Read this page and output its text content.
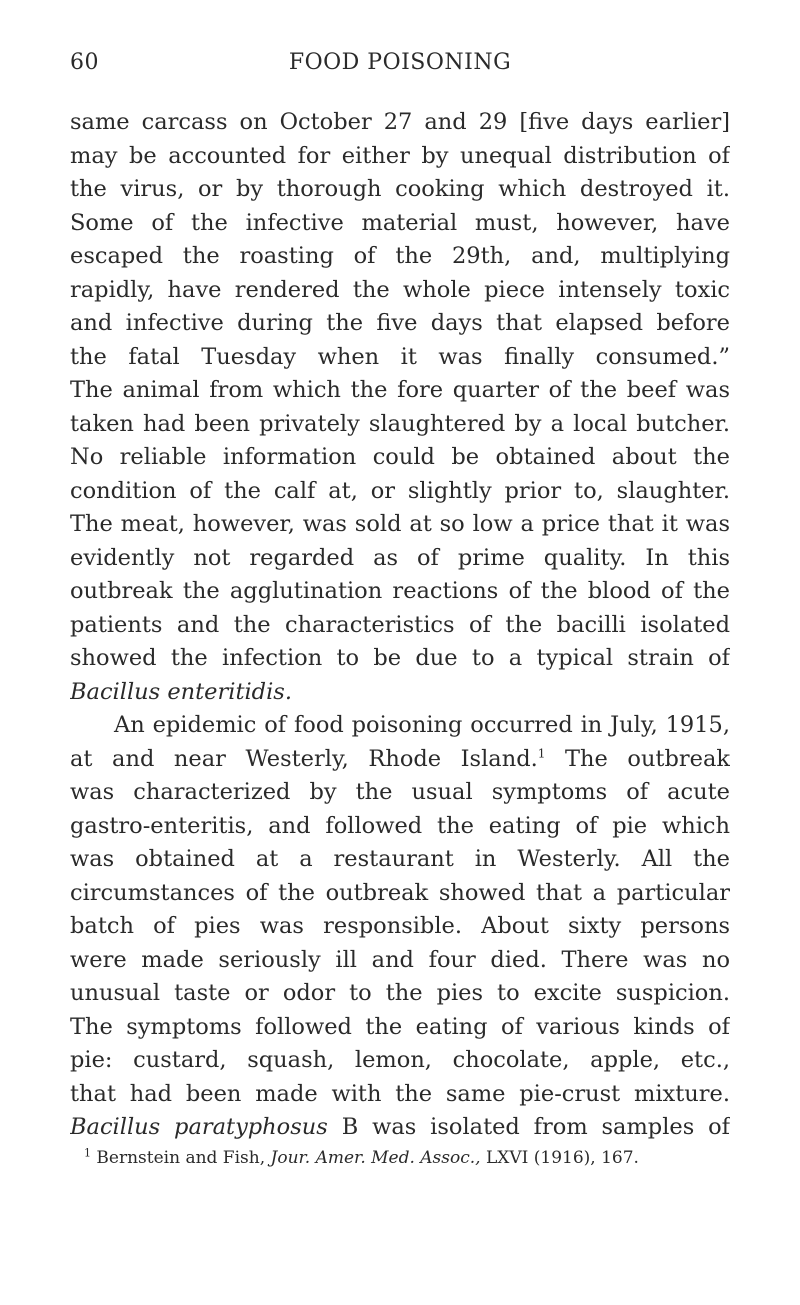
60	FOOD POISONING
same carcass on October 27 and 29 [five days earlier]
may be accounted for either by unequal distribution of
the virus, or by thorough cooking which destroyed it.
Some of the infective material must, however, have
escaped the roasting of the 29th, and, multiplying
rapidly, have rendered the whole piece intensely toxic
and infective during the five days that elapsed before
the fatal Tuesday when it was finally consumed.”
The animal from which the fore quarter of the beef was
taken had been privately slaughtered by a local butcher.
No reliable information could be obtained about the
condition of the calf at, or slightly prior to, slaughter.
The meat, however, was sold at so low a price that it was
evidently not regarded as of prime quality. In this
outbreak the agglutination reactions of the blood of the
patients and the characteristics of the bacilli isolated
showed the infection to be due to a typical strain of
Bacillus enteritidis.
An epidemic of food poisoning occurred in July, 1915,
at and near Westerly, Rhode Island.$^1$ The outbreak
was characterized by the usual symptoms of acute
gastro-enteritis, and followed the eating of pie which
was obtained at a restaurant in Westerly. All the
circumstances of the outbreak showed that a particular
batch of pies was responsible. About sixty persons
were made seriously ill and four died. There was no
unusual taste or odor to the pies to excite suspicion.
The symptoms followed the eating of various kinds of
pie: custard, squash, lemon, chocolate, apple, etc.,
that had been made with the same pie-crust mixture.
Bacillus paratyphosus B was isolated from samples of
$^1$ Bernstein and Fish, Jour. Amer. Med. Assoc., LXVI (1916), 167.
